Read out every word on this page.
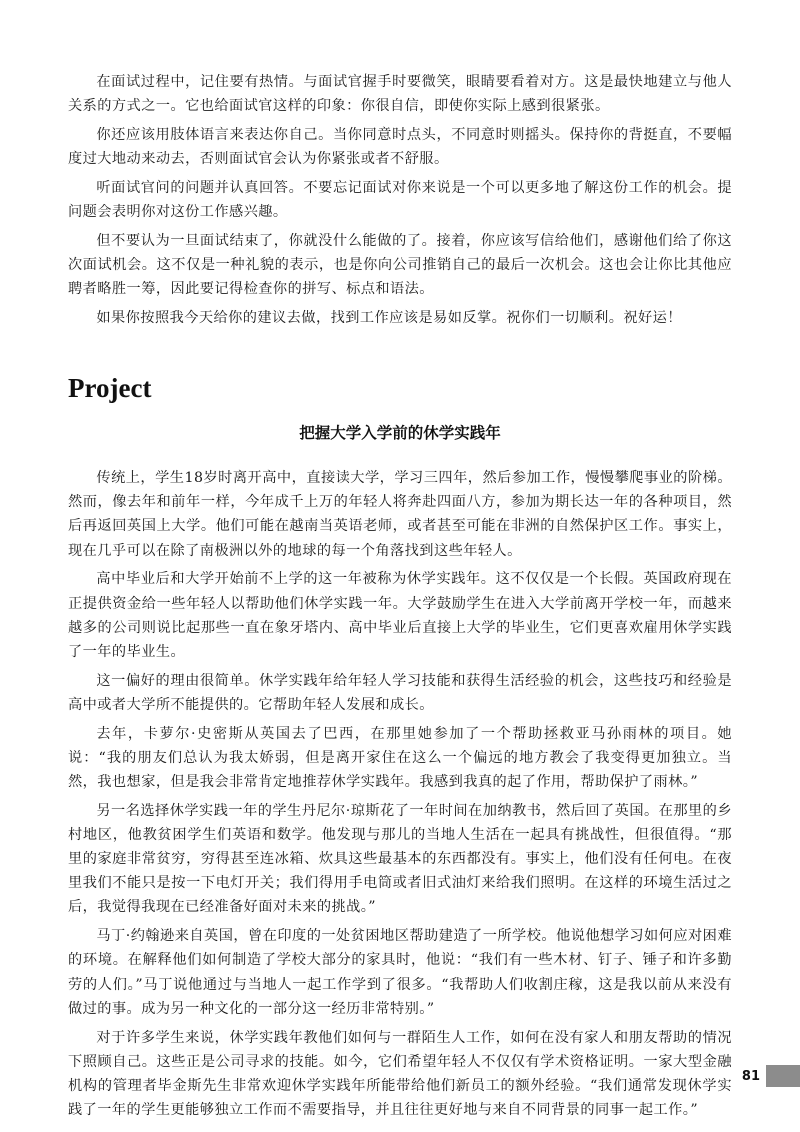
在面试过程中，记住要有热情。与面试官握手时要微笑，眼睛要看着对方。这是最快地建立与他人关系的方式之一。它也给面试官这样的印象：你很自信，即使你实际上感到很紧张。

你还应该用肢体语言来表达你自己。当你同意时点头，不同意时则摇头。保持你的背挺直，不要幅度过大地动来动去，否则面试官会认为你紧张或者不舒服。

听面试官问的问题并认真回答。不要忘记面试对你来说是一个可以更多地了解这份工作的机会。提问题会表明你对这份工作感兴趣。

但不要认为一旦面试结束了，你就没什么能做的了。接着，你应该写信给他们，感谢他们给了你这次面试机会。这不仅是一种礼貌的表示，也是你向公司推销自己的最后一次机会。这也会让你比其他应聘者略胜一筹，因此要记得检查你的拼写、标点和语法。

如果你按照我今天给你的建议去做，找到工作应该是易如反掌。祝你们一切顺利。祝好运！

Project
把握大学入学前的休学实践年

传统上，学生18岁时离开高中，直接读大学，学习三四年，然后参加工作，慢慢攀爬事业的阶梯。然而，像去年和前年一样，今年成千上万的年轻人将奔赴四面八方，参加为期长达一年的各种项目，然后再返回英国上大学。他们可能在越南当英语老师，或者甚至可能在非洲的自然保护区工作。事实上，现在几乎可以在除了南极洲以外的地球的每一个角落找到这些年轻人。

高中毕业后和大学开始前不上学的这一年被称为休学实践年。这不仅仅是一个长假。英国政府现在正提供资金给一些年轻人以帮助他们休学实践一年。大学鼓励学生在进入大学前离开学校一年，而越来越多的公司则说比起那些一直在象牙塔内、高中毕业后直接上大学的毕业生，它们更喜欢雇用休学实践了一年的毕业生。

这一偏好的理由很简单。休学实践年给年轻人学习技能和获得生活经验的机会，这些技巧和经验是高中或者大学所不能提供的。它帮助年轻人发展和成长。

去年，卡萝尔·史密斯从英国去了巴西，在那里她参加了一个帮助拯救亚马孙雨林的项目。她说：“我的朋友们总认为我太娇弱，但是离开家住在这么一个偏远的地方教会了我变得更加独立。当然，我也想家，但是我会非常肯定地推荐休学实践年。我感到我真的起了作用，帮助保护了雨林。”

另一名选择休学实践一年的学生丹尼尔·琼斯花了一年时间在加纳教书，然后回了英国。在那里的乡村地区，他教贫困学生们英语和数学。他发现与那儿的当地人生活在一起具有挑战性，但很值得。“那里的家庭非常贫穷，穷得甚至连冰箱、炊具这些最基本的东西都没有。事实上，他们没有任何电。在夜里我们不能只是按一下电灯开关；我们得用手电筒或者旧式油灯来给我们照明。在这样的环境生活过之后，我觉得我现在已经准备好面对未来的挑战。”

马丁·约翰逊来自英国，曾在印度的一处贫困地区帮助建造了一所学校。他说他想学习如何应对困难的环境。在解释他们如何制造了学校大部分的家具时，他说：“我们有一些木材、钉子、锤子和许多勤劳的人们。”马丁说他通过与当地人一起工作学到了很多。“我帮助人们收割庄稼，这是我以前从来没有做过的事。成为另一种文化的一部分这一经历非常特别。”

对于许多学生来说，休学实践年教他们如何与一群陌生人工作，如何在没有家人和朋友帮助的情况下照顾自己。这些正是公司寻求的技能。如今，它们希望年轻人不仅仅有学术资格证明。一家大型金融机构的管理者毕金斯先生非常欢迎休学实践年所能带给他们新员工的额外经验。“我们通常发现休学实践了一年的学生更能够独立工作而不需要指导，并且往往更好地与来自不同背景的同事一起工作。”

81
